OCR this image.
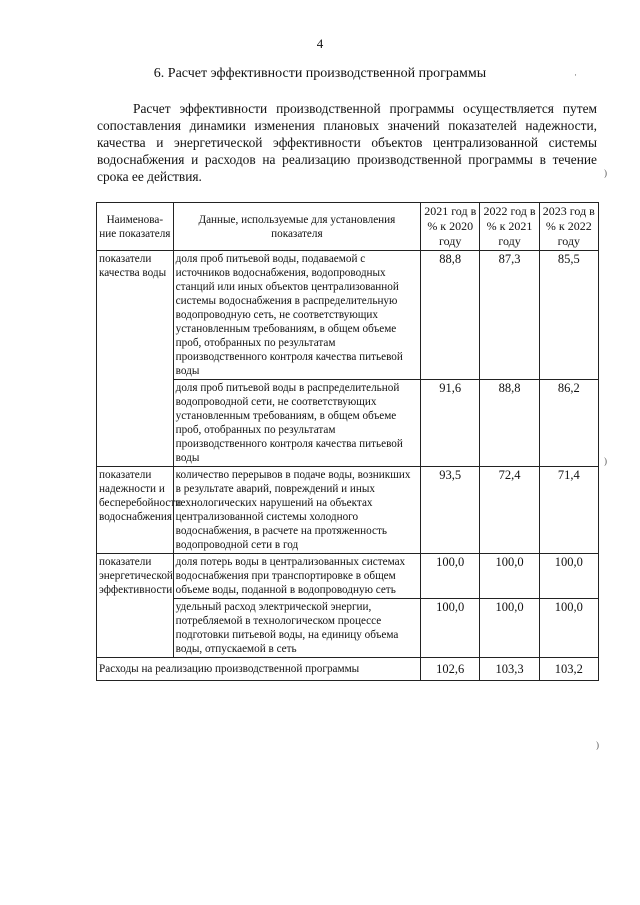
4
6. Расчет эффективности производственной программы

Расчет эффективности производственной программы осуществляется путем сопоставления динамики изменения плановых значений показателей надежности, качества и энергетической эффективности объектов централизованной системы водоснабжения и расходов на реализацию производственной программы в течение срока ее действия.

Наименова-ние показателя	Данные, используемые для установления показателя	2021 год в % к 2020 году	2022 год в % к 2021 году	2023 год в % к 2022 году
показатели качества воды	доля проб питьевой воды, подаваемой с источников водоснабжения, водопроводных станций или иных объектов централизованной системы водоснабжения в распределительную водопроводную сеть, не соответствующих установленным требованиям, в общем объеме проб, отобранных по результатам производственного контроля качества питьевой воды	88,8	87,3	85,5
	доля проб питьевой воды в распределительной водопроводной сети, не соответствующих установленным требованиям, в общем объеме проб, отобранных по результатам производственного контроля качества питьевой воды	91,6	88,8	86,2
показатели надежности и бесперебойности водоснабжения	количество перерывов в подаче воды, возникших в результате аварий, повреждений и иных технологических нарушений на объектах централизованной системы холодного водоснабжения, в расчете на протяженность водопроводной сети в год	93,5	72,4	71,4
показатели энергетической эффективности	доля потерь воды в централизованных системах водоснабжения при транспортировке в общем объеме воды, поданной в водопроводную сеть	100,0	100,0	100,0
	удельный расход электрической энергии, потребляемой в технологическом процессе подготовки питьевой воды, на единицу объема воды, отпускаемой в сеть	100,0	100,0	100,0
Расходы на реализацию производственной программы		102,6	103,3	103,2
·
)
)
)
